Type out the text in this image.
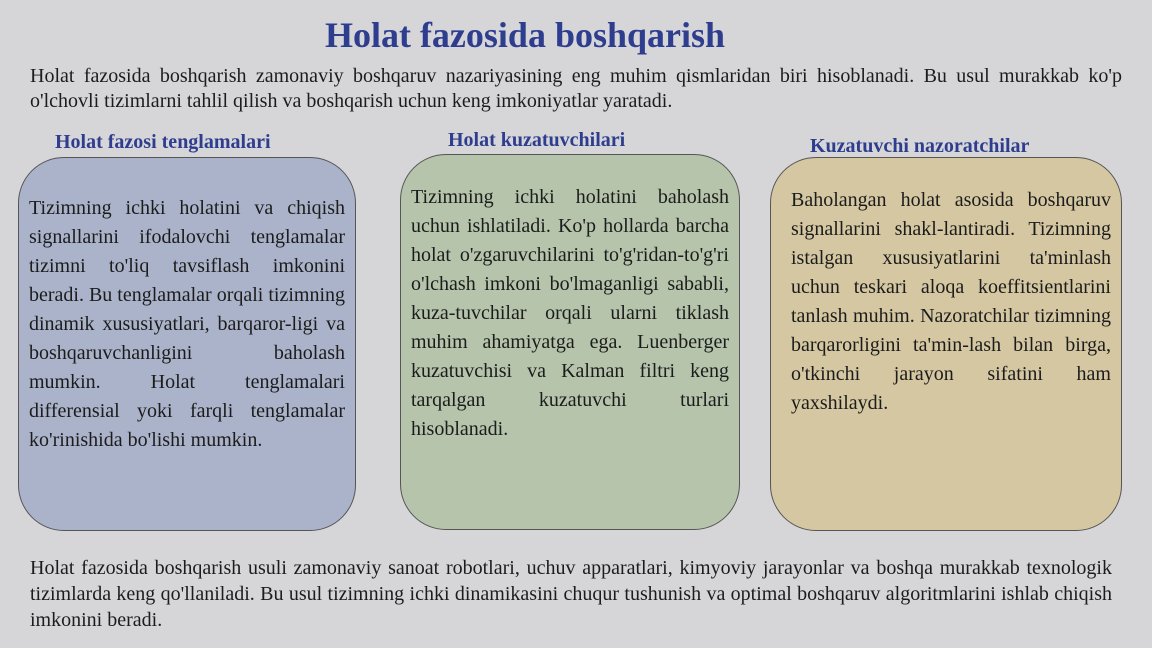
Holat fazosida boshqarish

Holat fazosida boshqarish zamonaviy boshqaruv nazariyasining eng muhim qismlaridan biri hisoblanadi. Bu usul murakkab ko'p o'lchovli tizimlarni tahlil qilish va boshqarish uchun keng imkoniyatlar yaratadi.

Holat fazosi tenglamalari	Holat kuzatuvchilari	Kuzatuvchi nazoratchilar
Tizimning ichki holatini va chiqish signallarini ifodalovchi tenglamalar tizimni to'liq tavsiflash imkonini beradi. Bu tenglamalar orqali tizimning dinamik xususiyatlari, barqaror-ligi va boshqaruvchanligini baholash mumkin. Holat tenglamalari differensial yoki farqli tenglamalar ko'rinishida bo'lishi mumkin.
Tizimning ichki holatini baholash uchun ishlatiladi. Ko'p hollarda barcha holat o'zgaruvchilarini to'g'ridan-to'g'ri o'lchash imkoni bo'lmaganligi sababli, kuza-tuvchilar orqali ularni tiklash muhim ahamiyatga ega. Luenberger kuzatuvchisi va Kalman filtri keng tarqalgan kuzatuvchi turlari hisoblanadi.
Baholangan holat asosida boshqaruv signallarini shakl-lantiradi. Tizimning istalgan xususiyatlarini ta'minlash uchun teskari aloqa koeffitsientlarini tanlash muhim. Nazoratchilar tizimning barqarorligini ta'min-lash bilan birga, o'tkinchi jarayon sifatini ham yaxshilaydi.

Holat fazosida boshqarish usuli zamonaviy sanoat robotlari, uchuv apparatlari, kimyoviy jarayonlar va boshqa murakkab texnologik tizimlarda keng qo'llaniladi. Bu usul tizimning ichki dinamikasini chuqur tushunish va optimal boshqaruv algoritmlarini ishlab chiqish imkonini beradi.
